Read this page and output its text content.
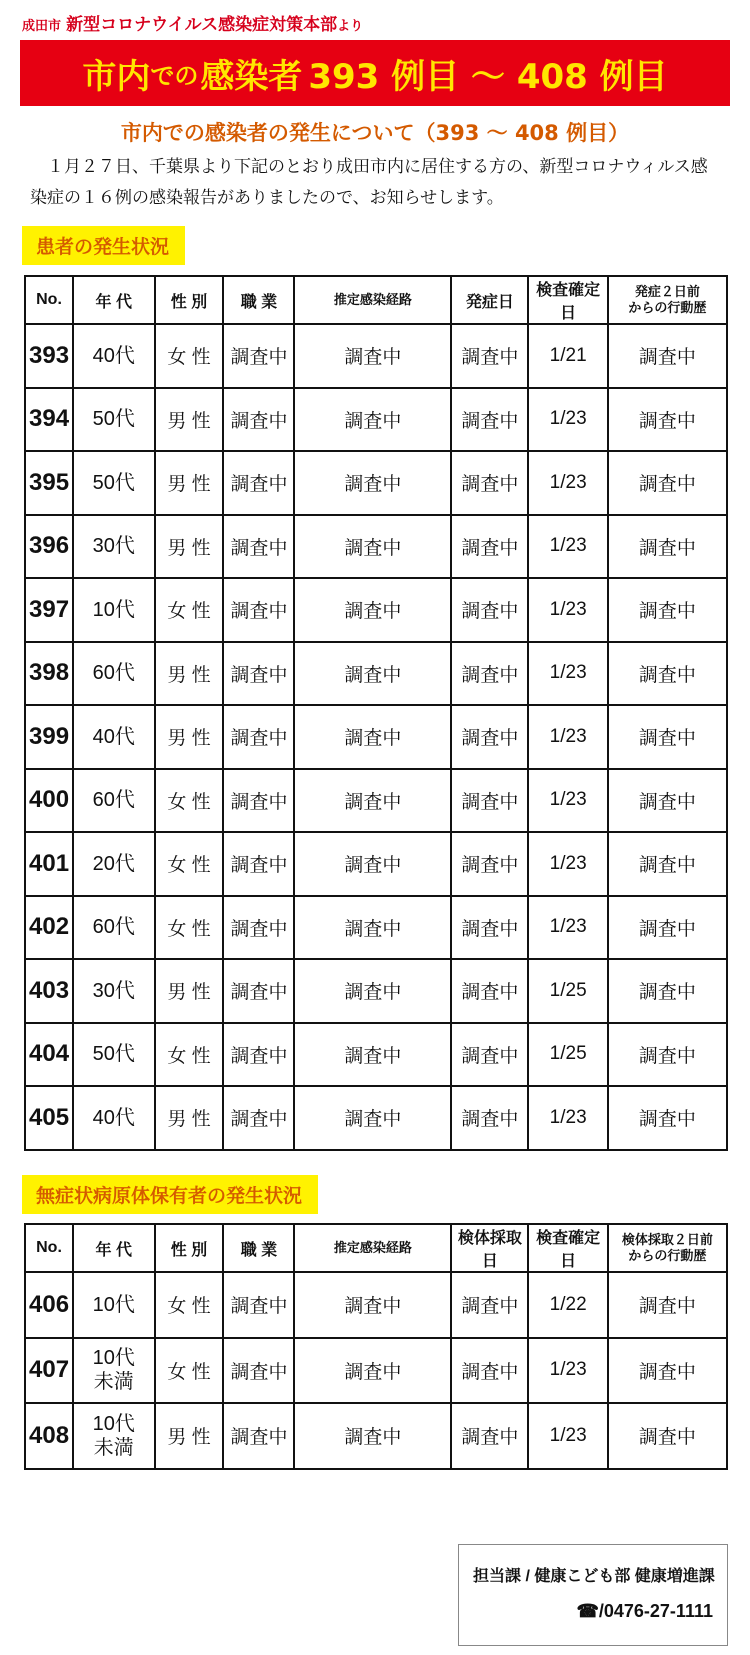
成田市 新型コロナウイルス感染症対策本部より
市内 での 感染者 393 例目 ～ 408 例目
市内での感染者の発生について（393 ～ 408 例目）
１月２７日、千葉県より下記のとおり成田市内に居住する方の、新型コロナウィルス感染症の１６例の感染報告がありましたので、お知らせします。
患者の発生状況
No.	年 代	性 別	職 業	推定感染経路	発症日	検査確定日	発症２日前
からの行動歴
393	40代	女 性	調査中	調査中	調査中	1/21	調査中
394	50代	男 性	調査中	調査中	調査中	1/23	調査中
395	50代	男 性	調査中	調査中	調査中	1/23	調査中
396	30代	男 性	調査中	調査中	調査中	1/23	調査中
397	10代	女 性	調査中	調査中	調査中	1/23	調査中
398	60代	男 性	調査中	調査中	調査中	1/23	調査中
399	40代	男 性	調査中	調査中	調査中	1/23	調査中
400	60代	女 性	調査中	調査中	調査中	1/23	調査中
401	20代	女 性	調査中	調査中	調査中	1/23	調査中
402	60代	女 性	調査中	調査中	調査中	1/23	調査中
403	30代	男 性	調査中	調査中	調査中	1/25	調査中
404	50代	女 性	調査中	調査中	調査中	1/25	調査中
405	40代	男 性	調査中	調査中	調査中	1/23	調査中
無症状病原体保有者の発生状況
No.	年 代	性 別	職 業	推定感染経路	検体採取日	検査確定日	検体採取２日前
からの行動歴
406	10代	女 性	調査中	調査中	調査中	1/22	調査中
407	10代
未満	女 性	調査中	調査中	調査中	1/23	調査中
408	10代
未満	男 性	調査中	調査中	調査中	1/23	調査中
担当課 / 健康こども部 健康増進課
☎/0476-27-1111
